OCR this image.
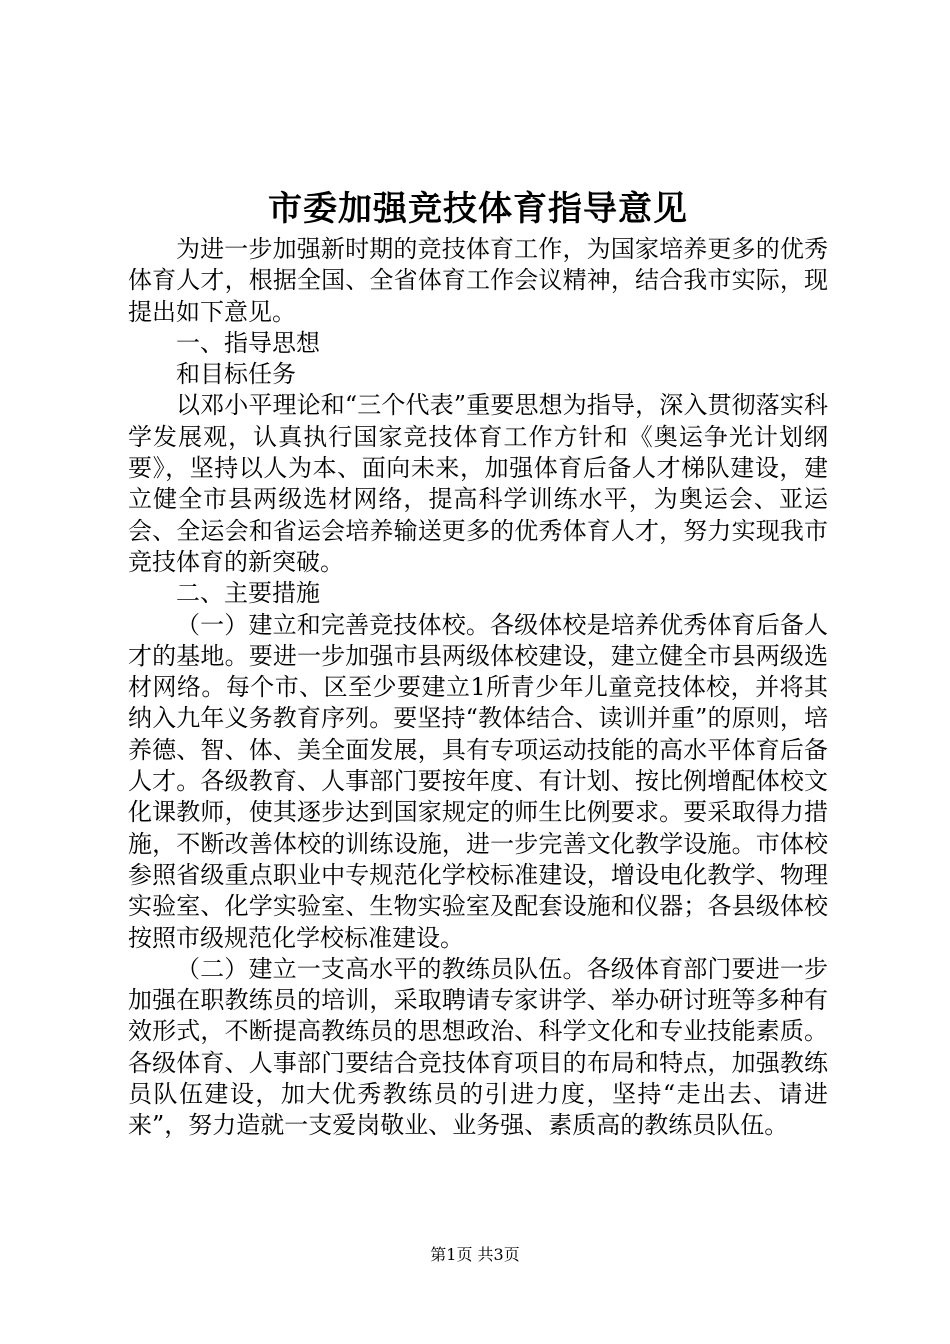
市委加强竞技体育指导意见

为进一步加强新时期的竞技体育工作，为国家培养更多的优秀体育人才，根据全国、全省体育工作会议精神，结合我市实际，现提出如下意见。

一、指导思想

和目标任务

以邓小平理论和“三个代表”重要思想为指导，深入贯彻落实科学发展观，认真执行国家竞技体育工作方针和《奥运争光计划纲要》，坚持以人为本、面向未来，加强体育后备人才梯队建设，建立健全市县两级选材网络，提高科学训练水平，为奥运会、亚运会、全运会和省运会培养输送更多的优秀体育人才，努力实现我市竞技体育的新突破。

二、主要措施

（一）建立和完善竞技体校。各级体校是培养优秀体育后备人才的基地。要进一步加强市县两级体校建设，建立健全市县两级选材网络。每个市、区至少要建立1所青少年儿童竞技体校，并将其纳入九年义务教育序列。要坚持“教体结合、读训并重”的原则，培养德、智、体、美全面发展，具有专项运动技能的高水平体育后备人才。各级教育、人事部门要按年度、有计划、按比例增配体校文化课教师，使其逐步达到国家规定的师生比例要求。要采取得力措施，不断改善体校的训练设施，进一步完善文化教学设施。市体校参照省级重点职业中专规范化学校标准建设，增设电化教学、物理实验室、化学实验室、生物实验室及配套设施和仪器；各县级体校按照市级规范化学校标准建设。

（二）建立一支高水平的教练员队伍。各级体育部门要进一步加强在职教练员的培训，采取聘请专家讲学、举办研讨班等多种有效形式，不断提高教练员的思想政治、科学文化和专业技能素质。各级体育、人事部门要结合竞技体育项目的布局和特点，加强教练员队伍建设，加大优秀教练员的引进力度，坚持“走出去、请进来”，努力造就一支爱岗敬业、业务强、素质高的教练员队伍。

第1页 共3页
